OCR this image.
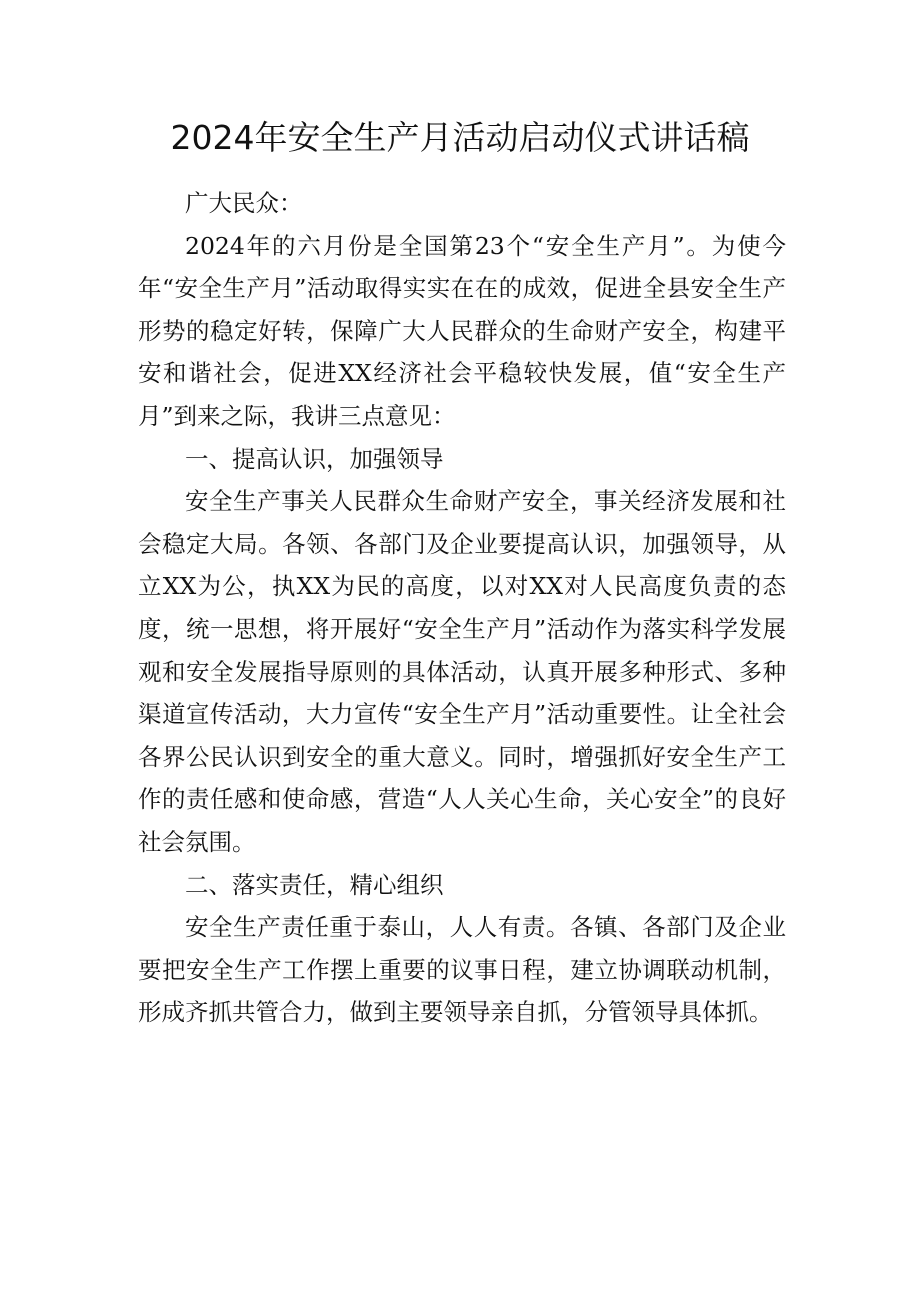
2024年安全生产月活动启动仪式讲话稿

广大民众：

2024年的六月份是全国第23个“安全生产月”。为使今年“安全生产月”活动取得实实在在的成效，促进全县安全生产形势的稳定好转，保障广大人民群众的生命财产安全，构建平安和谐社会，促进XX经济社会平稳较快发展，值“安全生产月”到来之际，我讲三点意见：

一、提高认识，加强领导

安全生产事关人民群众生命财产安全，事关经济发展和社会稳定大局。各领、各部门及企业要提高认识，加强领导，从立XX为公，执XX为民的高度，以对XX对人民高度负责的态度，统一思想，将开展好“安全生产月”活动作为落实科学发展观和安全发展指导原则的具体活动，认真开展多种形式、多种渠道宣传活动，大力宣传“安全生产月”活动重要性。让全社会各界公民认识到安全的重大意义。同时，增强抓好安全生产工作的责任感和使命感，营造“人人关心生命，关心安全”的良好社会氛围。

二、落实责任，精心组织

安全生产责任重于泰山，人人有责。各镇、各部门及企业要把安全生产工作摆上重要的议事日程，建立协调联动机制，形成齐抓共管合力，做到主要领导亲自抓，分管领导具体抓。
